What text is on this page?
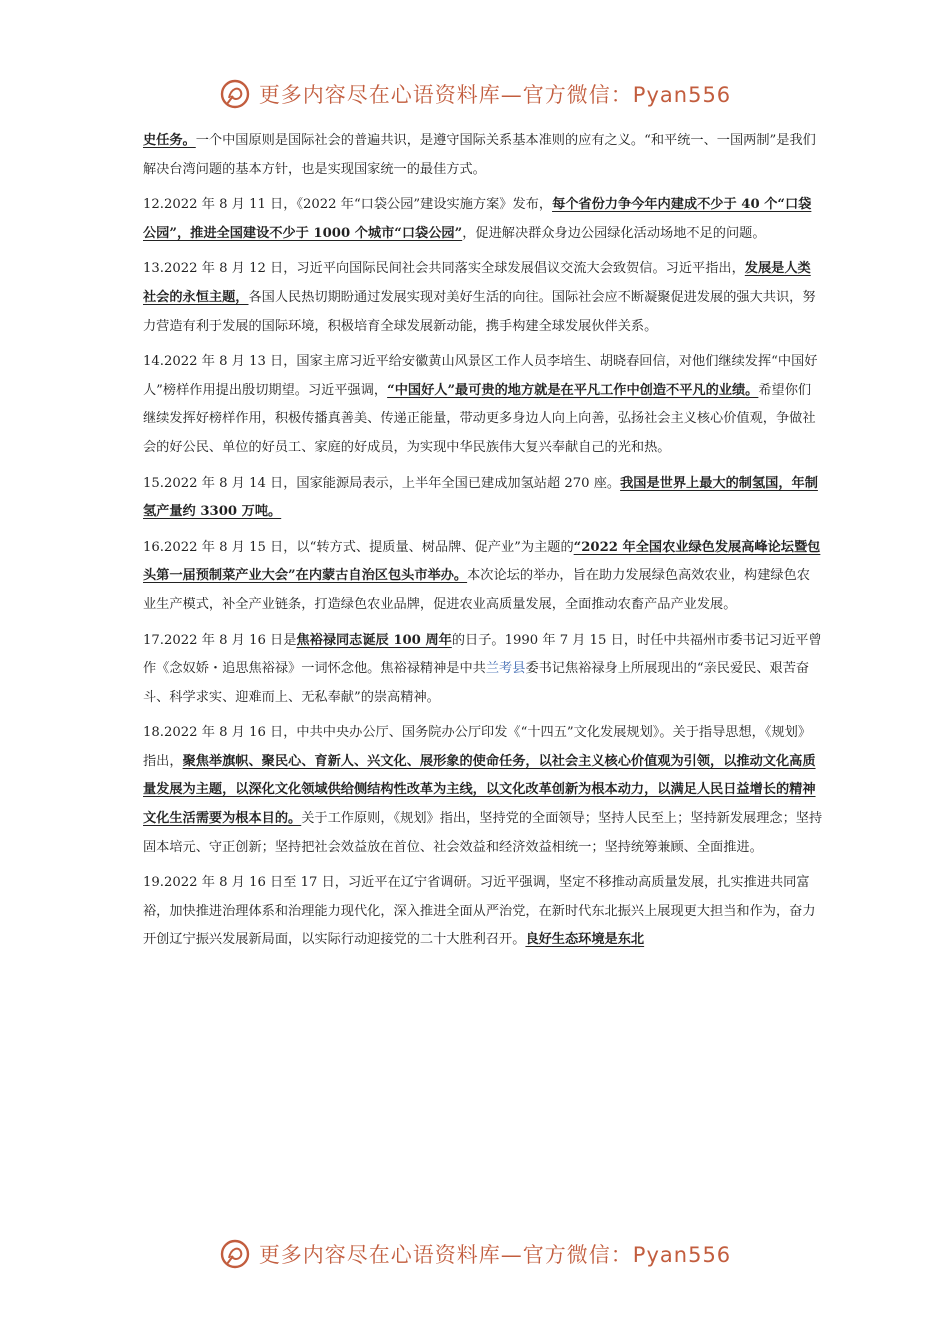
更多内容尽在心语资料库—官方微信：Pyan556

史任务。一个中国原则是国际社会的普遍共识，是遵守国际关系基本准则的应有之义。“和平统一、一国两制”是我们解决台湾问题的基本方针，也是实现国家统一的最佳方式。

12.2022 年 8 月 11 日，《2022 年“口袋公园”建设实施方案》发布，每个省份力争今年内建成不少于 40 个“口袋公园”，推进全国建设不少于 1000 个城市“口袋公园”，促进解决群众身边公园绿化活动场地不足的问题。

13.2022 年 8 月 12 日，习近平向国际民间社会共同落实全球发展倡议交流大会致贺信。习近平指出，发展是人类社会的永恒主题，各国人民热切期盼通过发展实现对美好生活的向往。国际社会应不断凝聚促进发展的强大共识，努力营造有利于发展的国际环境，积极培育全球发展新动能，携手构建全球发展伙伴关系。

14.2022 年 8 月 13 日，国家主席习近平给安徽黄山风景区工作人员李培生、胡晓春回信，对他们继续发挥“中国好人”榜样作用提出殷切期望。习近平强调，“中国好人”最可贵的地方就是在平凡工作中创造不平凡的业绩。希望你们继续发挥好榜样作用，积极传播真善美、传递正能量，带动更多身边人向上向善，弘扬社会主义核心价值观，争做社会的好公民、单位的好员工、家庭的好成员，为实现中华民族伟大复兴奉献自己的光和热。

15.2022 年 8 月 14 日，国家能源局表示，上半年全国已建成加氢站超 270 座。我国是世界上最大的制氢国，年制氢产量约 3300 万吨。

16.2022 年 8 月 15 日，以“转方式、提质量、树品牌、促产业”为主题的“2022 年全国农业绿色发展高峰论坛暨包头第一届预制菜产业大会”在内蒙古自治区包头市举办。本次论坛的举办，旨在助力发展绿色高效农业，构建绿色农业生产模式，补全产业链条，打造绿色农业品牌，促进农业高质量发展，全面推动农畜产品产业发展。

17.2022 年 8 月 16 日是焦裕禄同志诞辰 100 周年的日子。1990 年 7 月 15 日，时任中共福州市委书记习近平曾作《念奴娇・追思焦裕禄》一词怀念他。焦裕禄精神是中共兰考县委书记焦裕禄身上所展现出的“亲民爱民、艰苦奋斗、科学求实、迎难而上、无私奉献”的崇高精神。

18.2022 年 8 月 16 日，中共中央办公厅、国务院办公厅印发《“十四五”文化发展规划》。关于指导思想，《规划》指出，聚焦举旗帜、聚民心、育新人、兴文化、展形象的使命任务，以社会主义核心价值观为引领，以推动文化高质量发展为主题，以深化文化领域供给侧结构性改革为主线，以文化改革创新为根本动力，以满足人民日益增长的精神文化生活需要为根本目的。关于工作原则，《规划》指出，坚持党的全面领导；坚持人民至上；坚持新发展理念；坚持固本培元、守正创新；坚持把社会效益放在首位、社会效益和经济效益相统一；坚持统筹兼顾、全面推进。

19.2022 年 8 月 16 日至 17 日，习近平在辽宁省调研。习近平强调，坚定不移推动高质量发展，扎实推进共同富裕，加快推进治理体系和治理能力现代化，深入推进全面从严治党，在新时代东北振兴上展现更大担当和作为，奋力开创辽宁振兴发展新局面，以实际行动迎接党的二十大胜利召开。良好生态环境是东北

更多内容尽在心语资料库—官方微信：Pyan556
